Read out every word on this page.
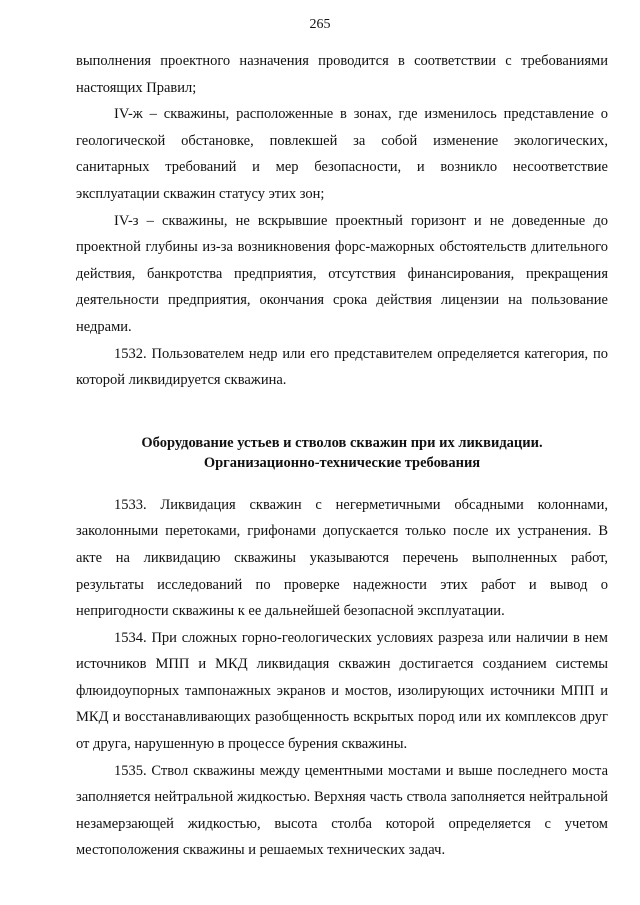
265

выполнения проектного назначения проводится в соответствии с требованиями настоящих Правил;

IV-ж – скважины, расположенные в зонах, где изменилось представление о геологической обстановке, повлекшей за собой изменение экологических, санитарных требований и мер безопасности, и возникло несоответствие эксплуатации скважин статусу этих зон;

IV-з – скважины, не вскрывшие проектный горизонт и не доведенные до проектной глубины из-за возникновения форс-мажорных обстоятельств длительного действия, банкротства предприятия, отсутствия финансирования, прекращения деятельности предприятия, окончания срока действия лицензии на пользование недрами.

1532. Пользователем недр или его представителем определяется категория, по которой ликвидируется скважина.

Оборудование устьев и стволов скважин при их ликвидации.
Организационно-технические требования

1533. Ликвидация скважин с негерметичными обсадными колоннами, заколонными перетоками, грифонами допускается только после их устранения. В акте на ликвидацию скважины указываются перечень выполненных работ, результаты исследований по проверке надежности этих работ и вывод о непригодности скважины к ее дальнейшей безопасной эксплуатации.

1534. При сложных горно-геологических условиях разреза или наличии в нем источников МПП и МКД ликвидация скважин достигается созданием системы флюидоупорных тампонажных экранов и мостов, изолирующих источники МПП и МКД и восстанавливающих разобщенность вскрытых пород или их комплексов друг от друга, нарушенную в процессе бурения скважины.

1535. Ствол скважины между цементными мостами и выше последнего моста заполняется нейтральной жидкостью. Верхняя часть ствола заполняется нейтральной незамерзающей жидкостью, высота столба которой определяется с учетом местоположения скважины и решаемых технических задач.
